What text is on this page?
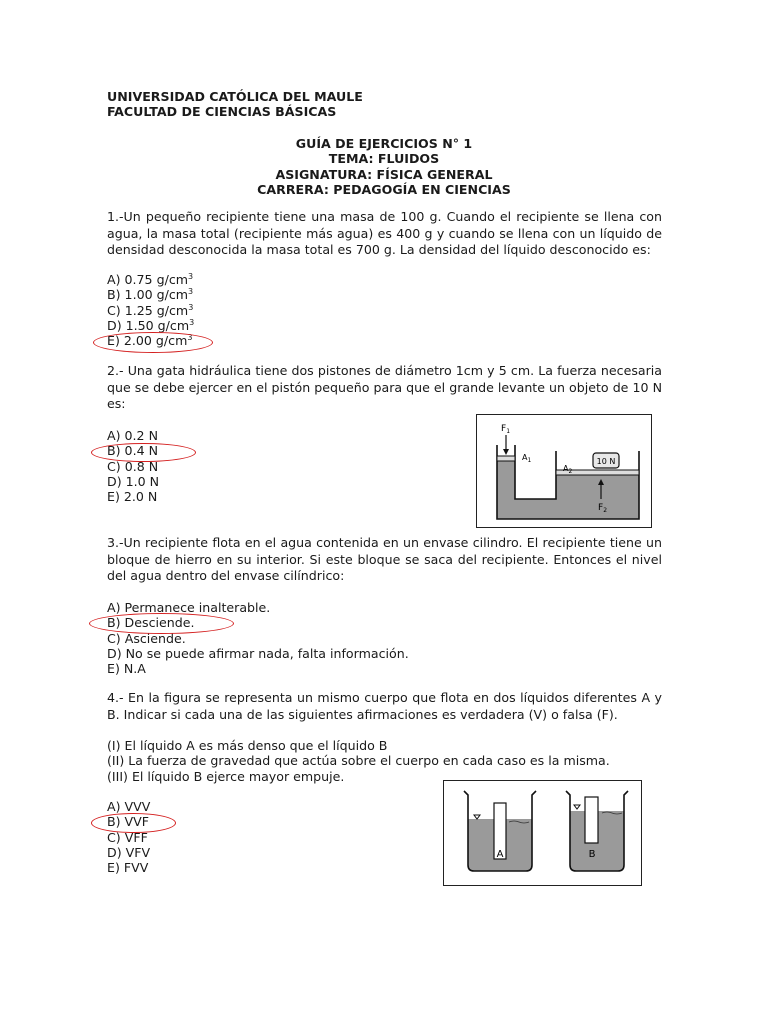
UNIVERSIDAD CATÓLICA DEL MAULE
FACULTAD DE CIENCIAS BÁSICAS
GUÍA DE EJERCICIOS N° 1
TEMA: FLUIDOS
ASIGNATURA: FÍSICA GENERAL
CARRERA: PEDAGOGÍA EN CIENCIAS
1.-Un pequeño recipiente tiene una masa de 100 g. Cuando el recipiente se llena con agua, la masa total (recipiente más agua) es 400 g y cuando se llena con un líquido de densidad desconocida la masa total es 700 g. La densidad del líquido desconocido es:
A) 0.75 $g/cm^3$
B) 1.00 $g/cm^3$
C) 1.25 $g/cm^3$
D) 1.50 $g/cm^3$
E) 2.00 $g/cm^3$
2.- Una gata hidráulica tiene dos pistones de diámetro 1cm y 5 cm. La fuerza necesaria que se debe ejercer en el pistón pequeño para que el grande levante un objeto de 10 N es:
A) 0.2 N
B) 0.4 N
C) 0.8 N
D) 1.0 N
E) 2.0 N
$F_1$
$A_1$
$A_2$
10 N
$F_2$
3.-Un recipiente flota en el agua contenida en un envase cilindro. El recipiente tiene un bloque de hierro en su interior. Si este bloque se saca del recipiente. Entonces el nivel del agua dentro del envase cilíndrico:
A) Permanece inalterable.
B) Desciende.
C) Asciende.
D) No se puede afirmar nada, falta información.
E) N.A
4.- En la figura se representa un mismo cuerpo que flota en dos líquidos diferentes A y B. Indicar si cada una de las siguientes afirmaciones es verdadera (V) o falsa (F).
(I) El líquido A es más denso que el líquido B
(II) La fuerza de gravedad que actúa sobre el cuerpo en cada caso es la misma.
(III) El líquido B ejerce mayor empuje.
A) VVV
B) VVF
C) VFF
D) VFV
E) FVV
A	B
